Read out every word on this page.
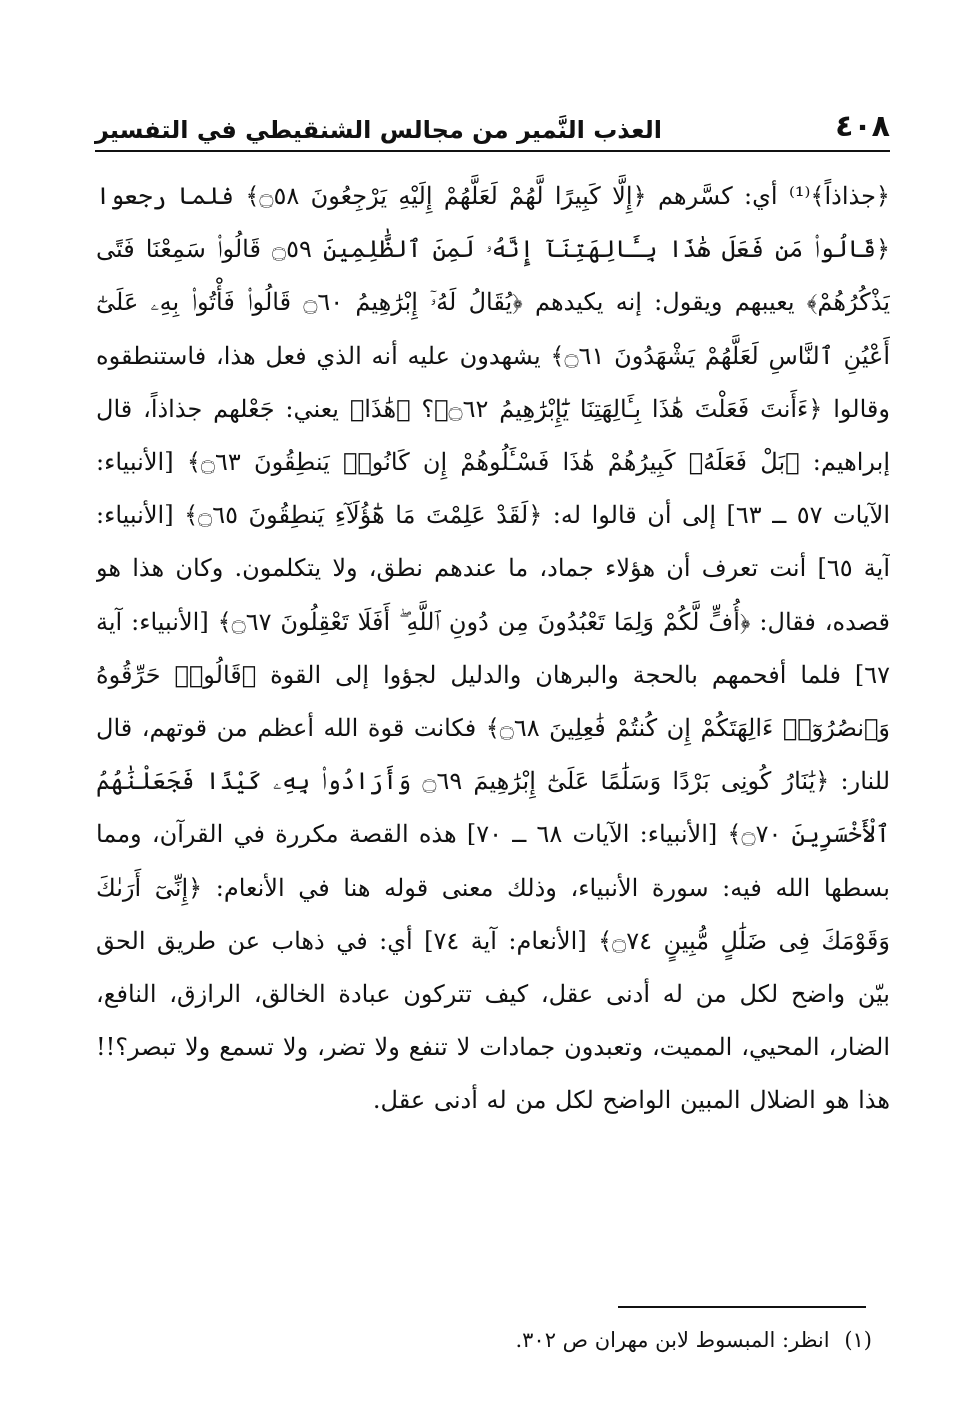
٤٠٨
العذب النَّمير من مجالس الشنقيطي في التفسير

﴿جذاذاً﴾⁽¹⁾ أي: كسَّرهم ﴿إِلَّا كَبِيرًا لَّهُمْ لَعَلَّهُمْ إِلَيْهِ يَرْجِعُونَ ۝٥٨﴾ فلما رجعوا ﴿قَالُوا۟ مَن فَعَلَ هَٰذَا بِـَٔالِهَتِنَآ إِنَّهُۥ لَمِنَ ٱلظَّٰلِمِينَ ۝٥٩ قَالُوا۟ سَمِعْنَا فَتًى يَذْكُرُهُمْ﴾ يعيبهم ويقول: إنه يكيدهم ﴿يُقَالُ لَهُۥٓ إِبْرَٰهِيمُ ۝٦٠ قَالُوا۟ فَأْتُوا۟ بِهِۦ عَلَىٰٓ أَعْيُنِ ٱلنَّاسِ لَعَلَّهُمْ يَشْهَدُونَ ۝٦١﴾ يشهدون عليه أنه الذي فعل هذا، فاستنطقوه وقالوا ﴿ءَأَنتَ فَعَلْتَ هَٰذَا بِـَٔالِهَتِنَا يَٰٓإِبْرَٰهِيمُ ۝٦٢﴾؟ ﴿هَٰذَا﴾ يعني: جَعْلهم جذاذاً، قال إبراهيم: ﴿بَلْ فَعَلَهُۥ كَبِيرُهُمْ هَٰذَا فَسْـَٔلُوهُمْ إِن كَانُوا۟ يَنطِقُونَ ۝٦٣﴾ [الأنبياء: الآيات ٥٧ ــ ٦٣] إلى أن قالوا له: ﴿لَقَدْ عَلِمْتَ مَا هَٰٓؤُلَآءِ يَنطِقُونَ ۝٦٥﴾ [الأنبياء: آية ٦٥] أنت تعرف أن هؤلاء جماد، ما عندهم نطق، ولا يتكلمون. وكان هذا هو قصده، فقال: ﴿أُفٍّ لَّكُمْ وَلِمَا تَعْبُدُونَ مِن دُونِ ٱللَّهِ ۖ أَفَلَا تَعْقِلُونَ ۝٦٧﴾ [الأنبياء: آية ٦٧] فلما أفحمهم بالحجة والبرهان والدليل لجؤوا إلى القوة ﴿قَالُوا۟ حَرِّقُوهُ وَٱنصُرُوٓا۟ ءَالِهَتَكُمْ إِن كُنتُمْ فَٰعِلِينَ ۝٦٨﴾ فكانت قوة الله أعظم من قوتهم، قال للنار: ﴿يَٰنَارُ كُونِى بَرْدًا وَسَلَٰمًا عَلَىٰٓ إِبْرَٰهِيمَ ۝٦٩ وَأَرَادُوا۟ بِهِۦ كَيْدًا فَجَعَلْنَٰهُمُ ٱلْأَخْسَرِينَ ۝٧٠﴾ [الأنبياء: الآيات ٦٨ ــ ٧٠] هذه القصة مكررة في القرآن، ومما بسطها الله فيه: سورة الأنبياء، وذلك معنى قوله هنا في الأنعام: ﴿إِنِّىٓ أَرَىٰكَ وَقَوْمَكَ فِى ضَلَٰلٍ مُّبِينٍ ۝٧٤﴾ [الأنعام: آية ٧٤] أي: في ذهاب عن طريق الحق بيّن واضح لكل من له أدنى عقل، كيف تتركون عبادة الخالق، الرازق، النافع، الضار، المحيي، المميت، وتعبدون جمادات لا تنفع ولا تضر، ولا تسمع ولا تبصر؟!! هذا هو الضلال المبين الواضح لكل من له أدنى عقل.

(١) انظر: المبسوط لابن مهران ص ٣٠٢.
